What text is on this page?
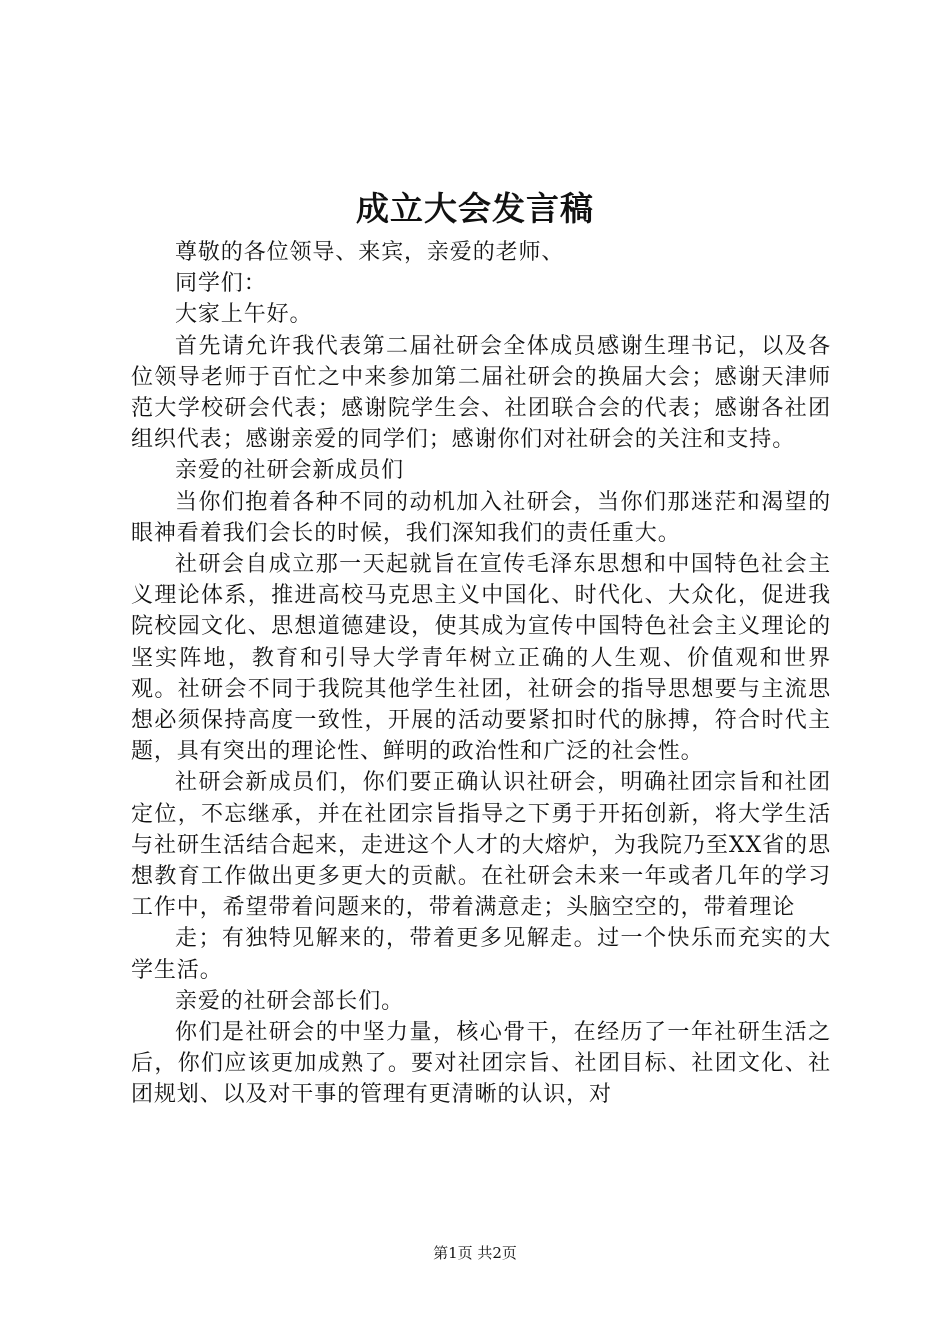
成立大会发言稿

尊敬的各位领导、来宾，亲爱的老师、

同学们：

大家上午好。

首先请允许我代表第二届社研会全体成员感谢生理书记，以及各位领导老师于百忙之中来参加第二届社研会的换届大会；感谢天津师范大学校研会代表；感谢院学生会、社团联合会的代表；感谢各社团组织代表；感谢亲爱的同学们；感谢你们对社研会的关注和支持。

亲爱的社研会新成员们

当你们抱着各种不同的动机加入社研会，当你们那迷茫和渴望的眼神看着我们会长的时候，我们深知我们的责任重大。

社研会自成立那一天起就旨在宣传毛泽东思想和中国特色社会主义理论体系，推进高校马克思主义中国化、时代化、大众化，促进我院校园文化、思想道德建设，使其成为宣传中国特色社会主义理论的坚实阵地，教育和引导大学青年树立正确的人生观、价值观和世界观。社研会不同于我院其他学生社团，社研会的指导思想要与主流思想必须保持高度一致性，开展的活动要紧扣时代的脉搏，符合时代主题，具有突出的理论性、鲜明的政治性和广泛的社会性。

社研会新成员们，你们要正确认识社研会，明确社团宗旨和社团定位，不忘继承，并在社团宗旨指导之下勇于开拓创新，将大学生活与社研生活结合起来，走进这个人才的大熔炉，为我院乃至XX省的思想教育工作做出更多更大的贡献。在社研会未来一年或者几年的学习工作中，希望带着问题来的，带着满意走；头脑空空的，带着理论

走；有独特见解来的，带着更多见解走。过一个快乐而充实的大学生活。

亲爱的社研会部长们。

你们是社研会的中坚力量，核心骨干，在经历了一年社研生活之后，你们应该更加成熟了。要对社团宗旨、社团目标、社团文化、社团规划、以及对干事的管理有更清晰的认识，对

第1页 共2页
